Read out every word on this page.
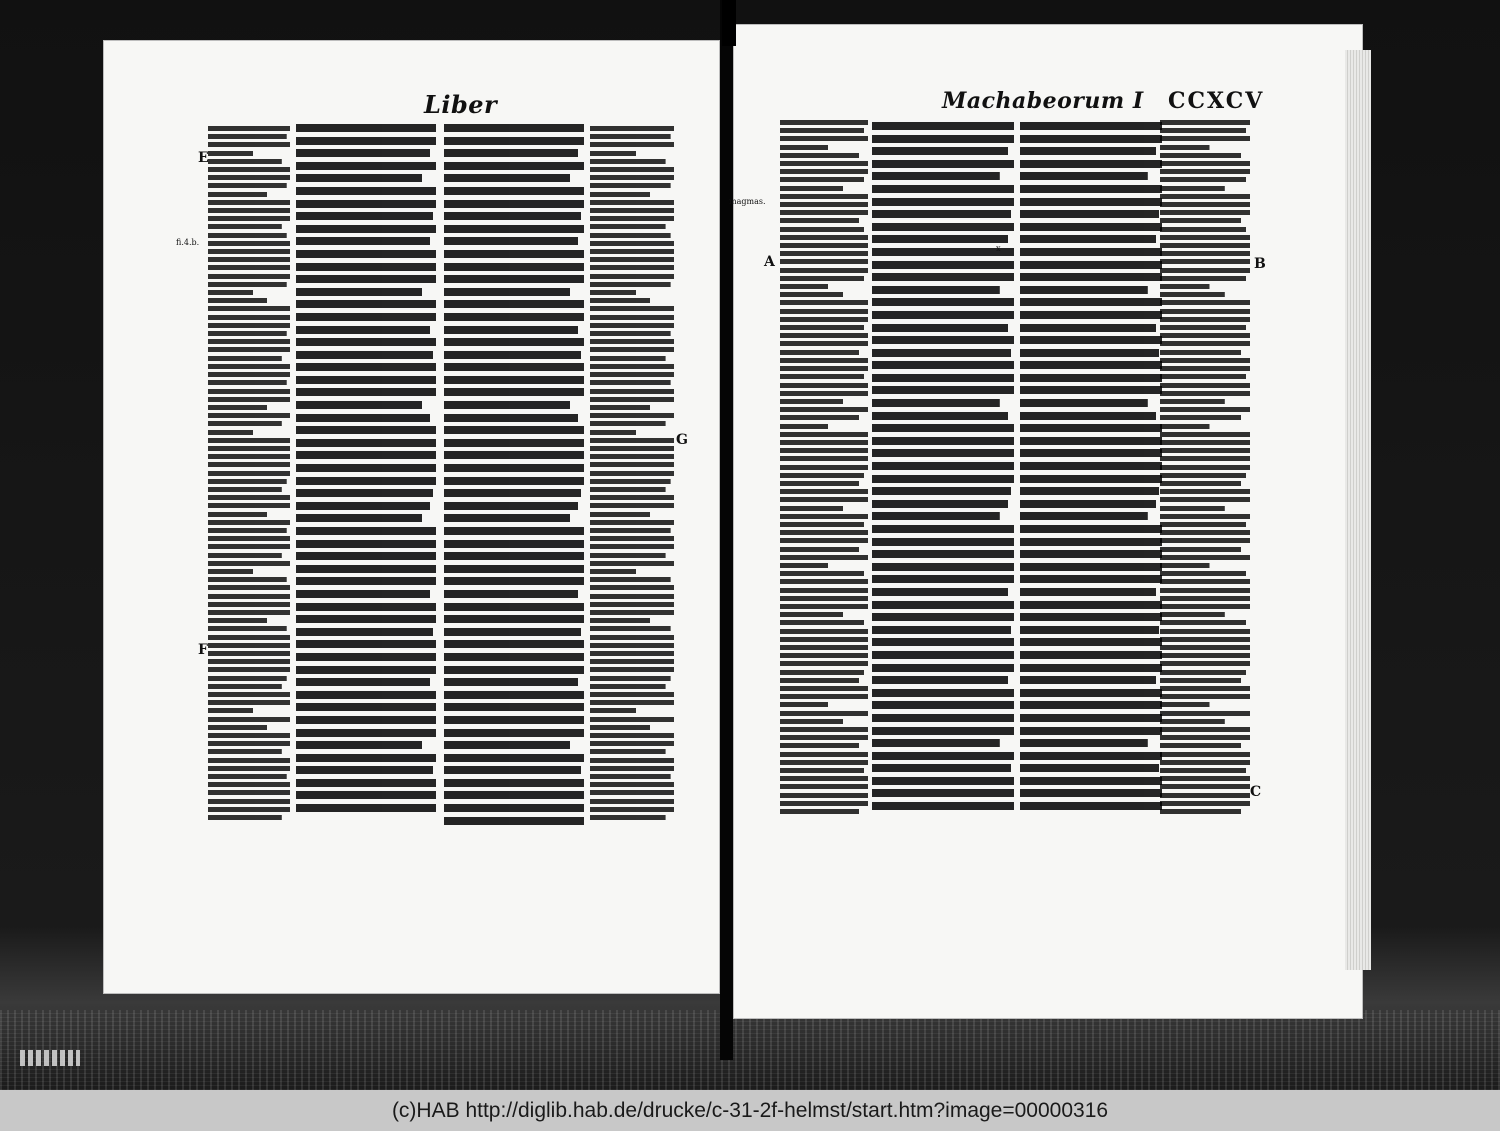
Liber	Machabeorum I CCXCV

E
fi.4.b.
F
G
magmas.
A	B
C
x
(c)HAB http://diglib.hab.de/drucke/c-31-2f-helmst/start.htm?image=00000316
